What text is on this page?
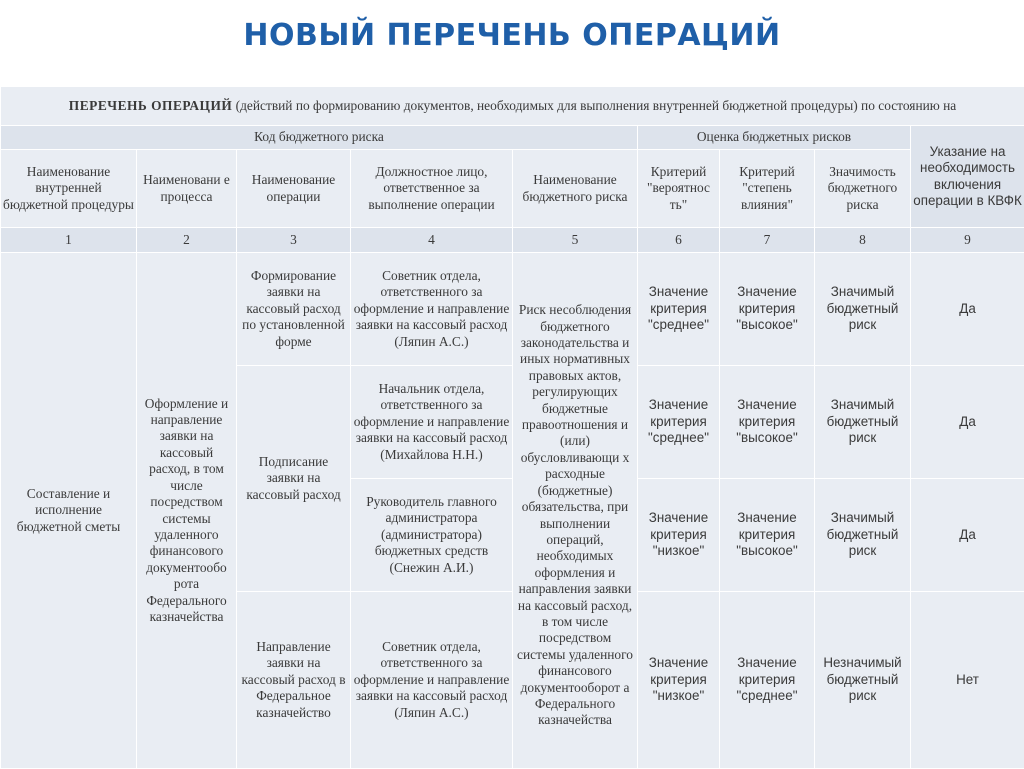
НОВЫЙ ПЕРЕЧЕНЬ ОПЕРАЦИЙ
ПЕРЕЧЕНЬ ОПЕРАЦИЙ (действий по формированию документов, необходимых для выполнения внутренней бюджетной процедуры) по состоянию на								
Код бюджетного риска					Оценка бюджетных рисков			Указание на необходимость включения операции в КВФК
Наименование внутренней бюджетной процедуры	Наименовани е процесса	Наименование операции	Должностное лицо, ответственное за выполнение операции	Наименование бюджетного риска	Критерий "вероятнос ть"	Критерий "степень влияния"	Значимость бюджетного риска	
1	2	3	4	5	6	7	8	9
Составление и исполнение бюджетной сметы	Оформление и направление заявки на кассовый расход, в том числе посредством системы удаленного финансового документообо рота Федерального казначейства	Формирование заявки на кассовый расход по установленной форме	Советник отдела, ответственного за оформление и направление заявки на кассовый расход (Ляпин А.С.)	Риск несоблюдения бюджетного законодательства и иных нормативных правовых актов, регулирующих бюджетные правоотношения и (или) обусловливающи х расходные (бюджетные) обязательства, при выполнении операций, необходимых оформления и направления заявки на кассовый расход, в том числе посредством системы удаленного финансового документооборот а Федерального казначейства	Значение критерия "среднее"	Значение критерия "высокое"	Значимый бюджетный риск	Да
		Подписание заявки на кассовый расход	Начальник отдела, ответственного за оформление и направление заявки на кассовый расход (Михайлова Н.Н.)		Значение критерия "среднее"	Значение критерия "высокое"	Значимый бюджетный риск	Да
			Руководитель главного администратора (администратора) бюджетных средств (Снежин А.И.)		Значение критерия "низкое"	Значение критерия "высокое"	Значимый бюджетный риск	Да
		Направление заявки на кассовый расход в Федеральное казначейство	Советник отдела, ответственного за оформление и направление заявки на кассовый расход (Ляпин А.С.)		Значение критерия "низкое"	Значение критерия "среднее"	Незначимый бюджетный риск	Нет
